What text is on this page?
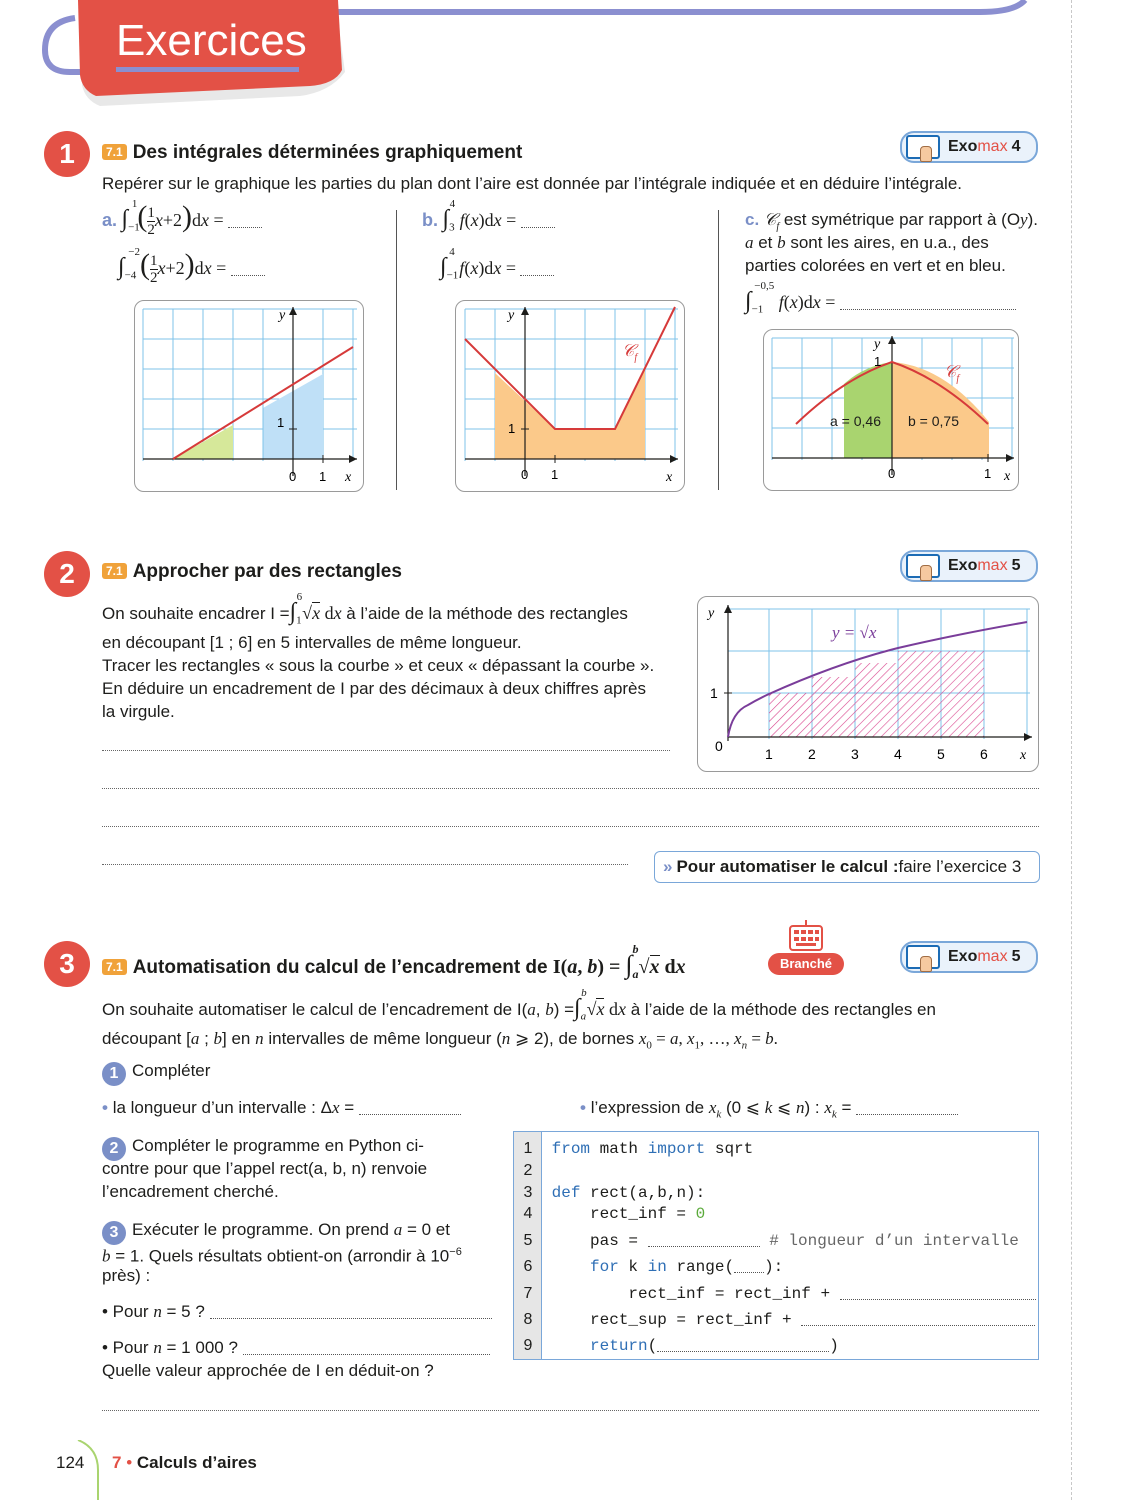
Exercices
1	7.1 Des intégrales déterminées graphiquement	Exo max 4
Repérer sur le graphique les parties du plan dont l’aire est donnée par l’intégrale indiquée et en déduire l’intégrale.
a. $\int_{-1}^1( \frac{1}{2} x+2)dx$ =
$\int_{-4}^{-2}( \frac{1}{2} x+2)dx$ =
y
x
1
0 1
b. $\int_3^4$ f(x)dx =
$\int_{-1}^4$ f(x)dx =
y
x
1
0 1
𝒞$_f$
c. 𝒞$_f$ est symétrique par rapport à (Oy).
a et b sont les aires, en u.a., des
parties colorées en vert et en bleu.
$\int_{-1}^{-0,5}$ f(x)dx =
y
x
1
0	1
𝒞$_f$
a = 0,46 b = 0,75
2	7.1 Approcher par des rectangles	Exo max 5
On souhaite encadrer $I =\int_1^6√x$ dx à l’aide de la méthode des rectangles
en découpant [1 ; 6] en 5 intervalles de même longueur.
Tracer les rectangles « sous la courbe » et ceux « dépassant la courbe ».
En déduire un encadrement de I par des décimaux à deux chiffres après
la virgule.
y
1
0	1	2	3	4	5	6 x
y = √x
» Pour automatiser le calcul : faire l’exercice 3
3	7.1 Automatisation du calcul de l’encadrement de I(a, $b) = \int_a^b√x$ dx	Branché	Exo max 5
On souhaite automatiser le calcul de l’encadrement de I(a, $b) =\int_a^b√x$ dx à l’aide de la méthode des rectangles en
découpant [a ; b] en n intervalles de même longueur (n ⩾ 2), de bornes $x_0 = a$, $x_1$, …, $x_n = b$.
1 Compléter
• la longueur d’un intervalle : Δx =	• l’expression de $x_k$ (0 ⩽ k ⩽ n) : $x_k$ =
2 Compléter le programme en Python ci-
contre pour que l’appel rect(a, b, n) renvoie
l’encadrement cherché.
3 Exécuter le programme. On prend a = 0 et
b = 1. Quels résultats obtient-on (arrondir à $10^{-6}$
près) :
• Pour n = 5 ?
• Pour n = 1 000 ?
Quelle valeur approchée de I en déduit-on ?
1 from math import sqrt
2
3 def rect(a,b,n):
4     rect_inf = 0
5     pas =	# longueur d’un intervalle
6	for k in range( ):
7         rect_inf = rect_inf +
8     rect_sup = rect_inf +
9	return(	)
124 7 • Calculs d’aires
